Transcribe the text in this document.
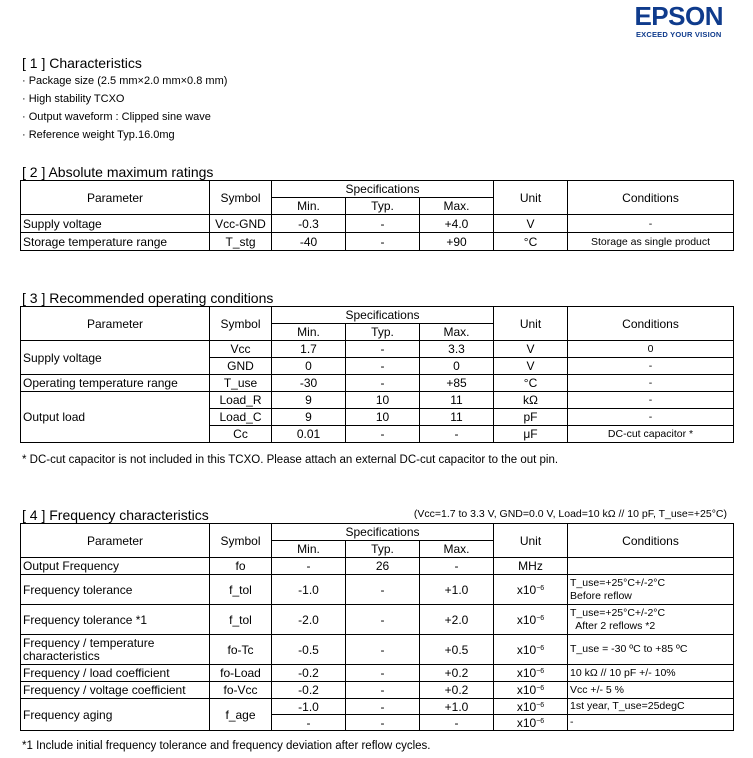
EPSON
EXCEED YOUR VISION
[ 1 ] Characteristics
· Package size (2.5 mm×2.0 mm×0.8 mm)
· High stability TCXO
· Output waveform : Clipped sine wave
· Reference weight Typ.16.0mg
[ 2 ] Absolute maximum ratings
Parameter	Symbol	Specifications			Unit	Conditions
		Min.	Typ.	Max.		
Supply voltage	Vcc-GND	-0.3	-	+4.0	V	-
Storage temperature range	T_stg	-40	-	+90	°C	Storage as single product
[ 3 ] Recommended operating conditions
Parameter	Symbol	Specifications			Unit	Conditions
		Min.	Typ.	Max.		
Supply voltage	Vcc	1.7	-	3.3	V	0
	GND	0	-	0	V	-
Operating temperature range	T_use	-30	-	+85	°C	-
Output load	Load_R	9	10	11	kΩ	-
	Load_C	9	10	11	pF	-
	Cc	0.01	-	-	μF	DC-cut capacitor *
* DC-cut capacitor is not included in this TCXO. Please attach an external DC-cut capacitor to the out pin.
[ 4 ] Frequency characteristics	(Vcc=1.7 to 3.3 V, GND=0.0 V, Load=10 kΩ // 10 pF, T_use=+25°C)
Parameter	Symbol	Specifications			Unit	Conditions
		Min.	Typ.	Max.		
Output Frequency	fo	-	26	-	MHz	
Frequency tolerance	f_tol	-1.0	-	+1.0	$x10^{-6}$	T_use=+25°C+/-2°C
Before reflow

Frequency tolerance *1	f_tol	-2.0	-	+2.0	$x10^{-6}$	T_use=+25°C+/-2°C
After 2 reflows *2

Frequency / temperature characteristics	fo-Tc	-0.5	-	+0.5	$x10^{-6}$	T_use = -30 ºC to +85 ºC
Frequency / load coefficient	fo-Load	-0.2	-	+0.2	$x10^{-6}$	10 kΩ // 10 pF +/- 10%
Frequency / voltage coefficient	fo-Vcc	-0.2	-	+0.2	$x10^{-6}$	Vcc +/- 5 %
Frequency aging	f_age	-1.0	-	+1.0	$x10^{-6}$	1st year, T_use=25degC
		-	-	-	$x10^{-6}$	-
*1 Include initial frequency tolerance and frequency deviation after reflow cycles.
